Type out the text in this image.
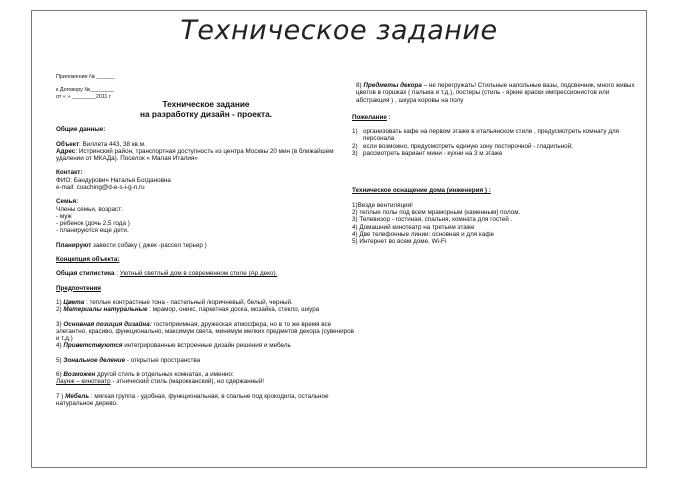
Техническое задание

Приложение № ______

к Договору №________

от « » ________2011 г

Техническое задание

на разработку дизайн - проекта.

Общие данные:

Объект: Виллета 443, 38 кв.м.

Адрес: Истринский район, транспортная доступность из центра Москвы 20 мин (в ближайшем удалении от МКАДа). Поселок « Малая Италия»

Контакт:

ФИО: Бандурович Наталья Богдановна

e-mail: coaching@d-e-s-i-g-n.ru

Семья:

Члены семьи, возраст:

- муж

- ребенок (дочь 2,5 года )

- планируются еще дети.

Планируют завести собаку ( джек -рассел терьер )

Концепция объекта:

Общая стилистика : Уютный светлый дом в современном стиле (Ар деко).

Предпочтения

1) Цвета : теплые контрастные тона - пастельный /коричневый, белый, черный.

2) Материалы натуральные : мрамор, оникс, паркетная доска, мозайка, стекло, шкура

3) Основная позиция дизайна: гостеприимная, дружеская атмосфера, но в то же время все элегантно, красиво, функционально, максимум света, минимум мелких предметов декора (сувениров и т.д.)

4) Приветствуются интегрированные встроенные дизайн решения и мебель

5) Зональное деление - открытые пространства

6) Возможен другой стиль в отдельных комнатах, а именно:

Лаунж – кинотеатр - этнический стиль (марокканский), но сдержанный!

7 ) Мебель : мягкая группа - удобная, функциональная, в спальне под крокодила, остальное натуральное дерево.

8) Предметы декора – не перегружать! Стильные напольные вазы, подсвечник, много живых цветов в горшках ( пальма и т.д.), постеры (стиль - яркие краски импрессионистов или абстракция ) , шкура коровы на полу

Пожелание :

1) организовать кафе на первом этаже в итальянском стиле , предусмотреть комнату для персонала
2) если возможно, предусмотреть единую зону постирочной - гладильной;
3) рассмотреть вариант мини - кухни на 3 м этаже

Техническое оснащение дома (инженерия ) :

1)Везде вентиляция!

2) теплые полы под всем мраморным (каменным) полом.

3) Телевизор - гостиная, спальня, комната для гостей .

4) Домашний кинотеатр на третьем этаже

4) Две телефонные линии: основная и для кафе

5) Интернет во всем доме, Wi-Fi
